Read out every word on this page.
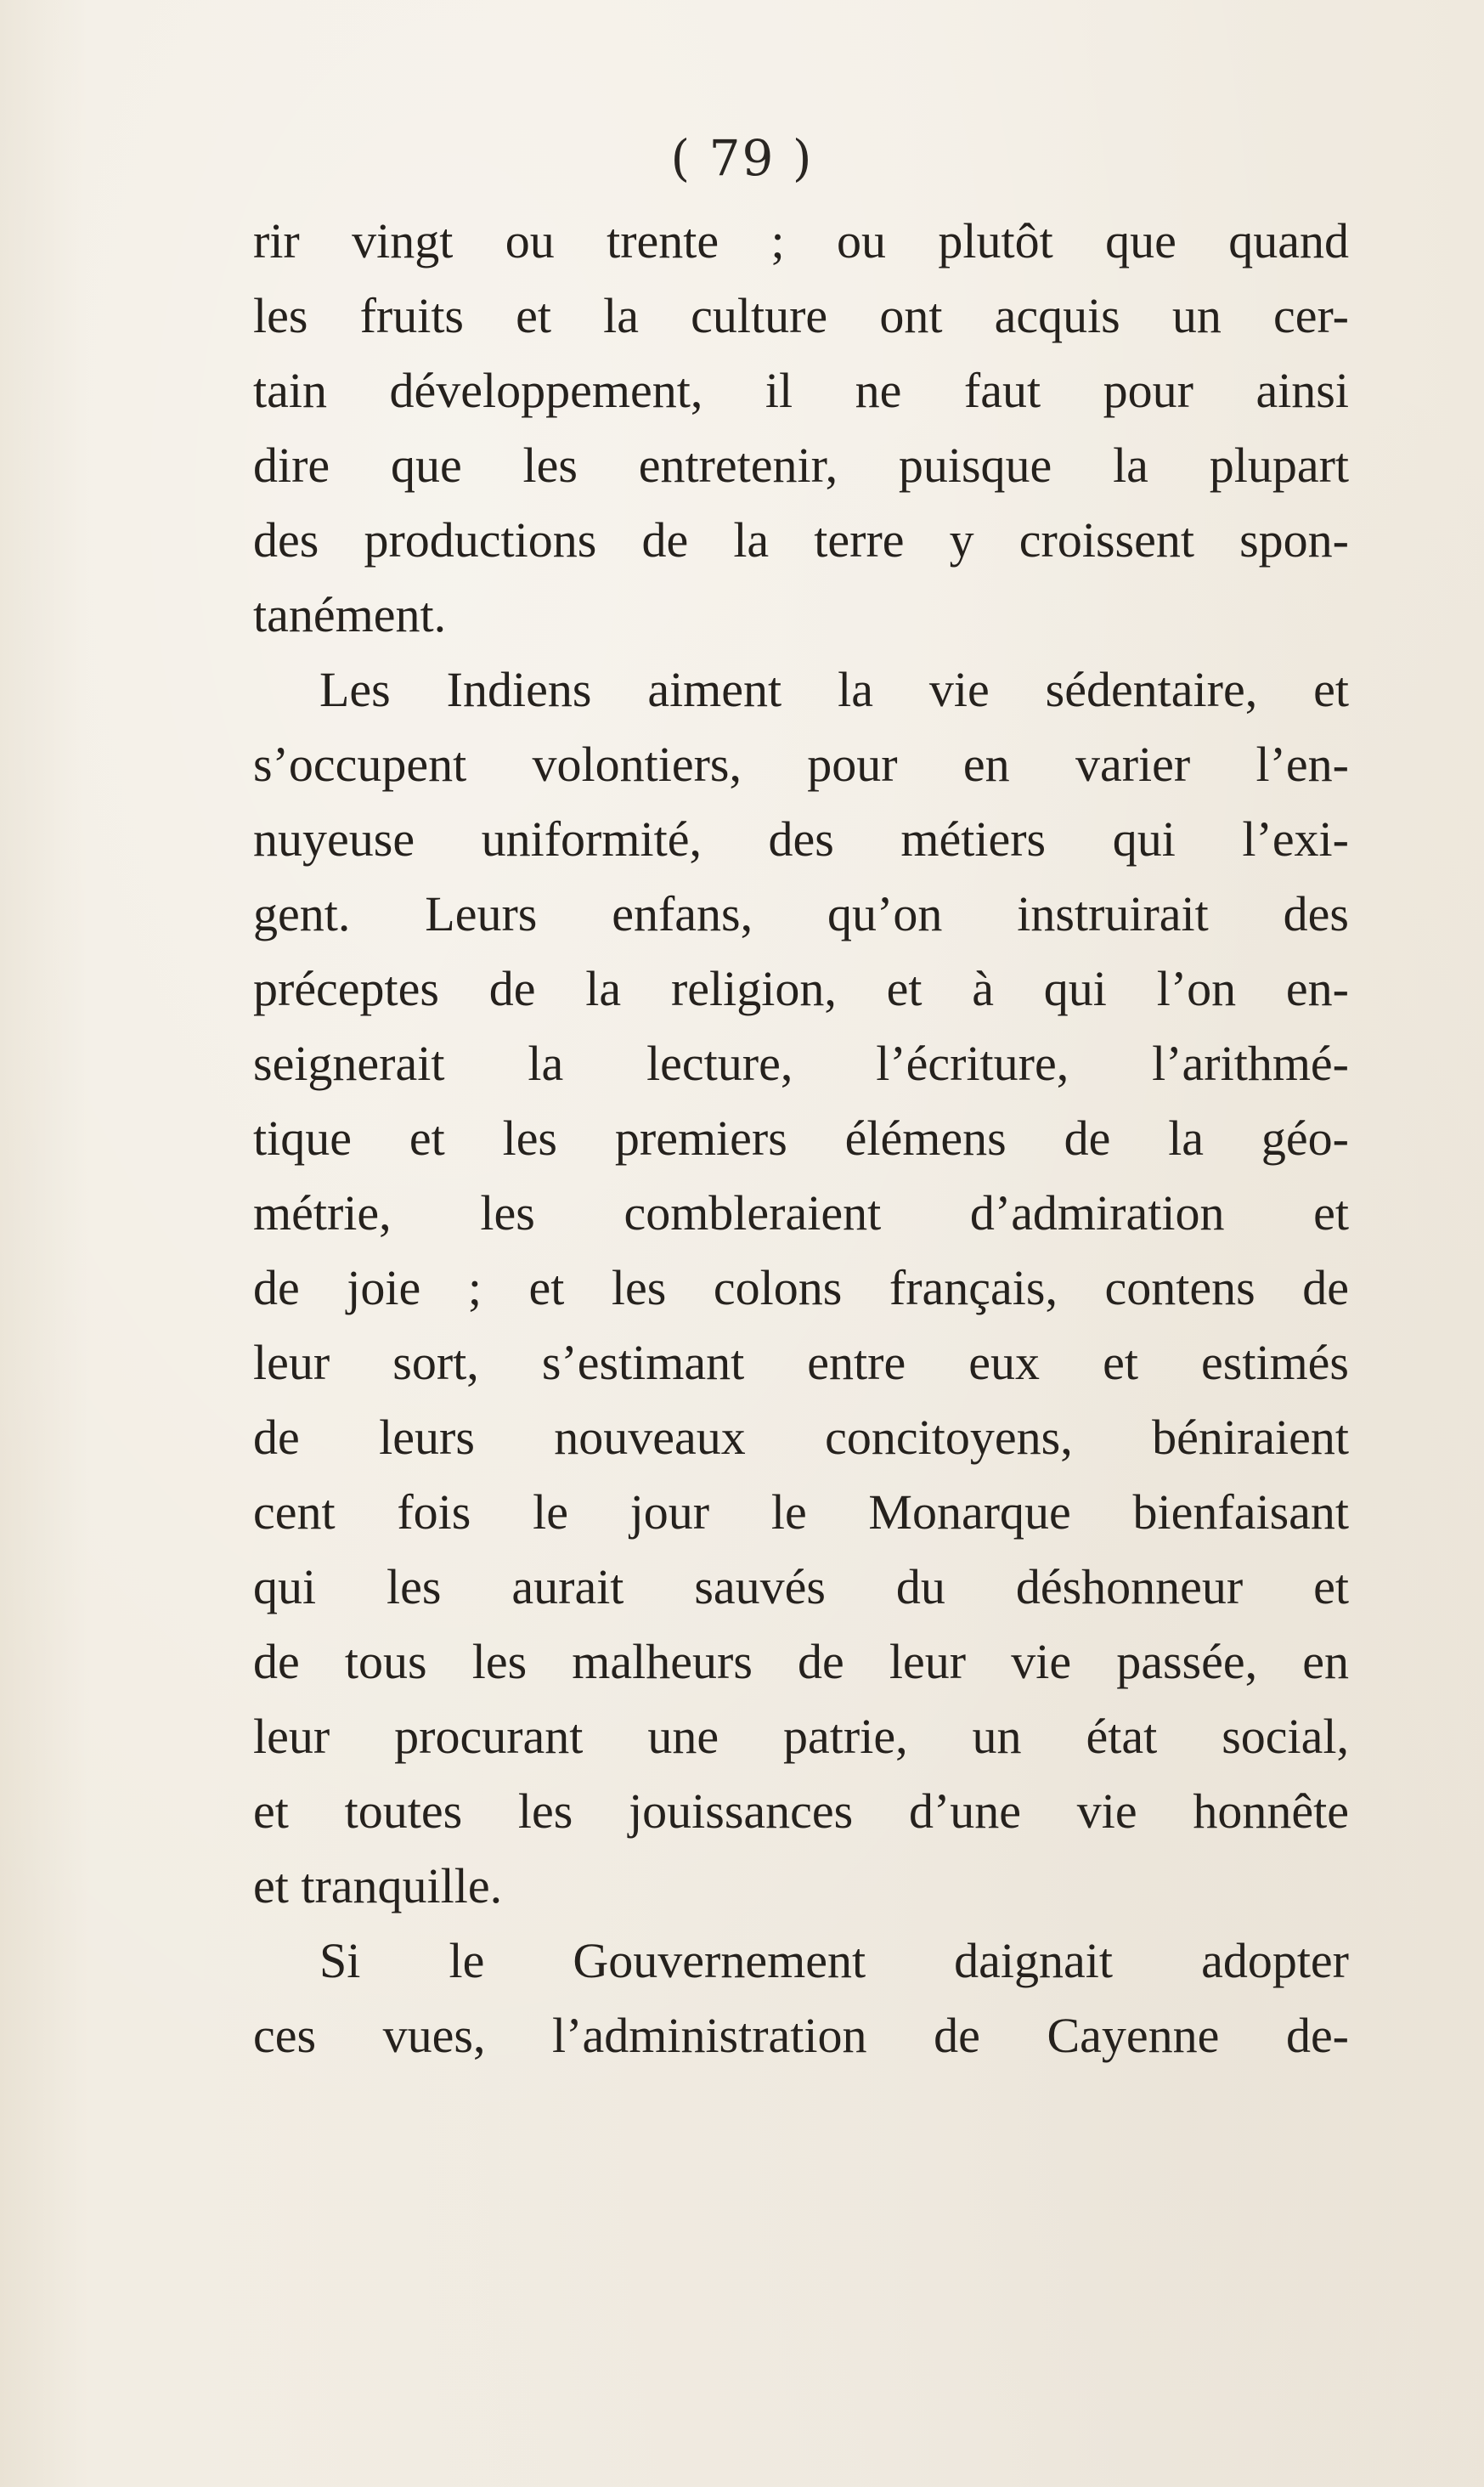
( 79 )
rir vingt ou trente ; ou plutôt que quand
les fruits et la culture ont acquis un cer-
tain développement, il ne faut pour ainsi
dire que les entretenir, puisque la plupart
des productions de la terre y croissent spon-
tanément.
Les Indiens aiment la vie sédentaire, et
s’occupent volontiers, pour en varier l’en-
nuyeuse uniformité, des métiers qui l’exi-
gent. Leurs enfans, qu’on instruirait des
préceptes de la religion, et à qui l’on en-
seignerait la lecture, l’écriture, l’arithmé-
tique et les premiers élémens de la géo-
métrie, les combleraient d’admiration et
de joie ; et les colons français, contens de
leur sort, s’estimant entre eux et estimés
de leurs nouveaux concitoyens, béniraient
cent fois le jour le Monarque bienfaisant
qui les aurait sauvés du déshonneur et
de tous les malheurs de leur vie passée, en
leur procurant une patrie, un état social,
et toutes les jouissances d’une vie honnête
et tranquille.
Si le Gouvernement daignait adopter
ces vues, l’administration de Cayenne de-
